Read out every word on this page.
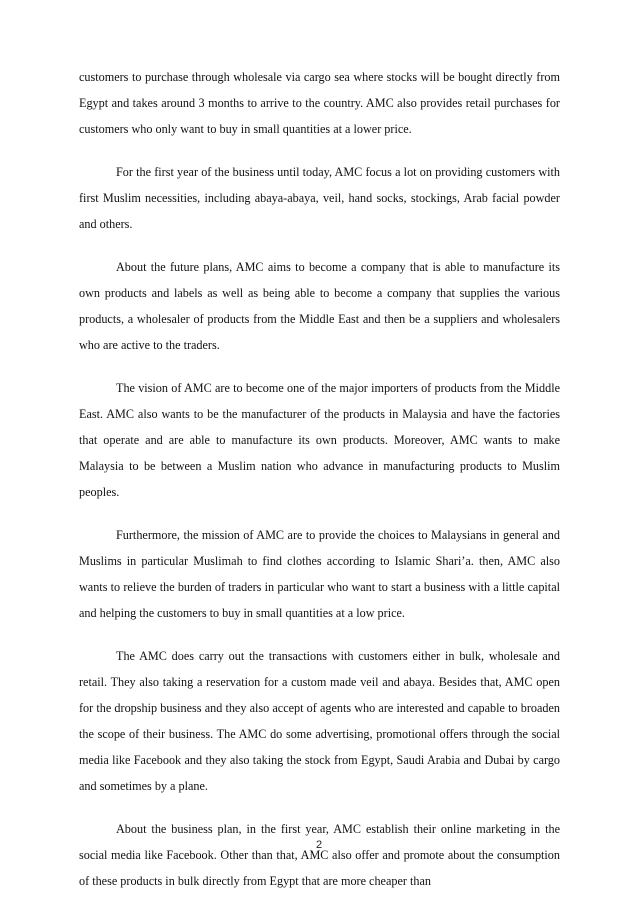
customers to purchase through wholesale via cargo sea where stocks will be bought directly from Egypt and takes around 3 months to arrive to the country. AMC also provides retail purchases for customers who only want to buy in small quantities at a lower price.

For the first year of the business until today, AMC focus a lot on providing customers with first Muslim necessities, including abaya-abaya, veil, hand socks, stockings, Arab facial powder and others.

About the future plans, AMC aims to become a company that is able to manufacture its own products and labels as well as being able to become a company that supplies the various products, a wholesaler of products from the Middle East and then be a suppliers and wholesalers who are active to the traders.

The vision of AMC are to become one of the major importers of products from the Middle East. AMC also wants to be the manufacturer of the products in Malaysia and have the factories that operate and are able to manufacture its own products. Moreover, AMC wants to make Malaysia to be between a Muslim nation who advance in manufacturing products to Muslim peoples.

Furthermore, the mission of AMC are to provide the choices to Malaysians in general and Muslims in particular Muslimah to find clothes according to Islamic Shari’a. then, AMC also wants to relieve the burden of traders in particular who want to start a business with a little capital and helping the customers to buy in small quantities at a low price.

The AMC does carry out the transactions with customers either in bulk, wholesale and retail. They also taking a reservation for a custom made veil and abaya. Besides that, AMC open for the dropship business and they also accept of agents who are interested and capable to broaden the scope of their business. The AMC do some advertising, promotional offers through the social media like Facebook and they also taking the stock from Egypt, Saudi Arabia and Dubai by cargo and sometimes by a plane.

About the business plan, in the first year, AMC establish their online marketing in the social media like Facebook. Other than that, AMC also offer and promote about the consumption of these products in bulk directly from Egypt that are more cheaper than

2
